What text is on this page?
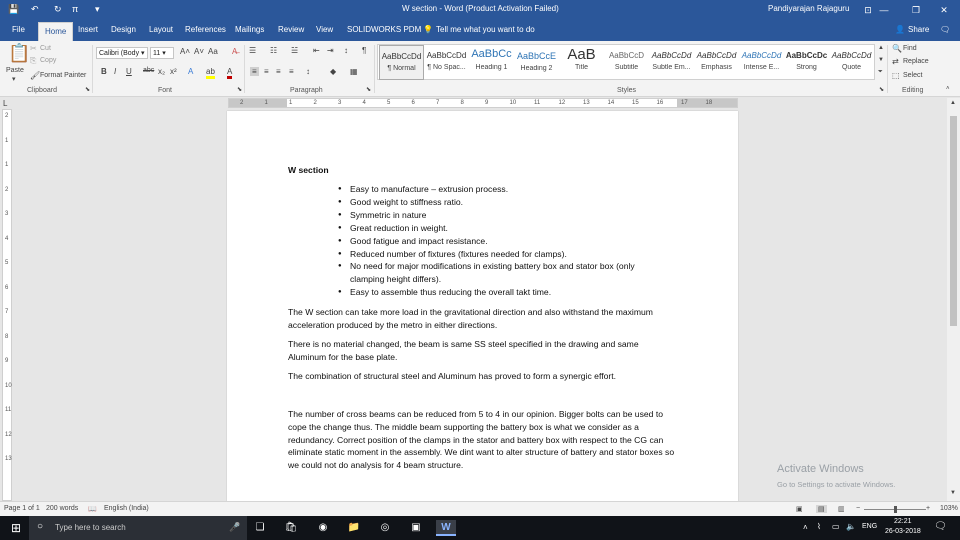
💾 ↶ ↻ π ▾	W section - Word (Product Activation Failed)	Pandiyarajan Rajaguru	⊡ —	❐	✕
File	Home	Insert Design Layout References Mailings Review View SOLIDWORKS PDM 💡 Tell me what you want to do	👤 Share 🗨
📋
Paste
▾
✂ Cut
⎘ Copy
🖌 Format Painter
Clipboard	⬊
Calibri (Body ▾	11 ▾	A˄ A˅ Aa A̶
B I U abc x₂ x² A ab A
Font	⬊
☰ ☷ ☱ ⇤ ⇥ ↕ ¶
≡ ≡ ≡ ≡ ↕	◆ ▦
Paragraph	⬊
AaBbCcDd
¶ Normal
AaBbCcDd
¶ No Spac...
AaBbCc
Heading 1
AaBbCcE
Heading 2
AaB
Title
AaBbCcD
Subtitle
AaBbCcDd
Subtle Em...
AaBbCcDd
Emphasis
AaBbCcDd
Intense E...
AaBbCcDc
Strong
AaBbCcDd
Quote
▲
▼
⏷
Styles	⬊
🔍 Find
⇄ Replace
⬚ Select
Editing	˄
L	2	1	1	2	3	4	5	6	7	8	9	10	11	12	13	14	15	16	17	18
2
1
1
2
3
4
5
6
7
8
9
10
11
12
13
W section
● Easy to manufacture – extrusion process.
● Good weight to stiffness ratio.
● Symmetric in nature
● Great reduction in weight.
● Good fatigue and impact resistance.
● Reduced number of fixtures (fixtures needed for clamps).
● No need for major modifications in existing battery box and stator box (only clamping height differs).
● Easy to assemble thus reducing the overall takt time.
The W section can take more load in the gravitational direction and also withstand the maximum acceleration produced by the metro in either directions.
There is no material changed, the beam is same SS steel specified in the drawing and same Aluminum for the base plate.
The combination of structural steel and Aluminum has proved to form a synergic effort.
The number of cross beams can be reduced from 5 to 4 in our opinion. Bigger bolts can be used to cope the change thus. The middle beam supporting the battery box is what we consider as a redundancy. Correct position of the clamps in the stator and battery box with respect to the CG can eliminate static moment in the assembly. We dint want to alter structure of battery and stator boxes so we could not do analysis for 4 beam structure.
▲
▼
Activate Windows
Go to Settings to activate Windows.
Page 1 of 1 200 words 📖 English (India)	▣ ▤ ▥ −	+ 103%
⊞	○ Type here to search	🎤	❏	🛍	◉	📁	◎	▣	W	˄ ⌇ ▭ 🔈 ENG
22:21
26-03-2018 🗨
